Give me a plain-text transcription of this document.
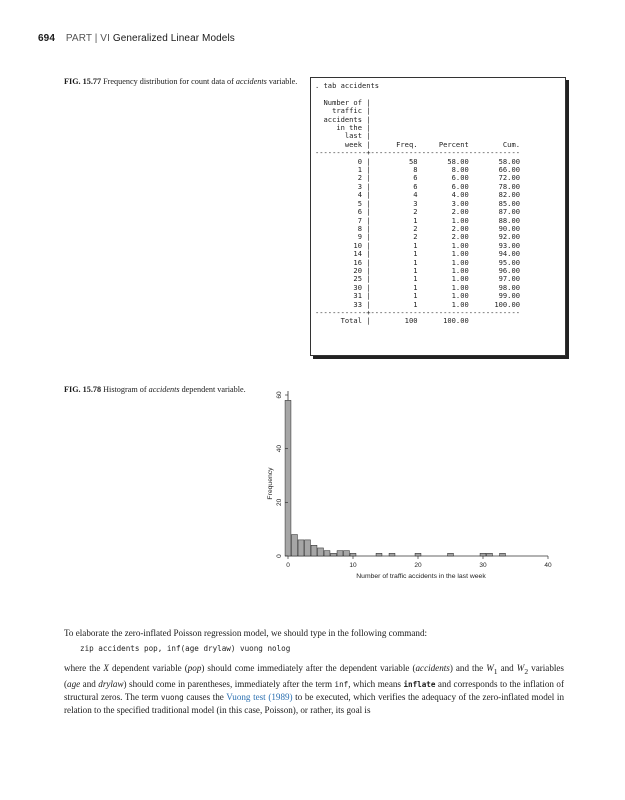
694 PART | VI Generalized Linear Models
FIG. 15.77 Frequency distribution for count data of accidents variable.	. tab accidents

Number of |
traffic |
accidents |
in the |
last |
week |      Freq.     Percent        Cum.
------------+-----------------------------------
0 |         58       58.00       58.00
1 |          8        8.00       66.00
2 |          6        6.00       72.00
3 |          6        6.00       78.00
4 |          4        4.00       82.00
5 |          3        3.00       85.00
6 |          2        2.00       87.00
7 |          1        1.00       88.00
8 |          2        2.00       90.00
9 |          2        2.00       92.00
10 |          1        1.00       93.00
14 |          1        1.00       94.00
16 |          1        1.00       95.00
20 |          1        1.00       96.00
25 |          1        1.00       97.00
30 |          1        1.00       98.00
31 |          1        1.00       99.00
33 |          1        1.00      100.00
------------+-----------------------------------
Total |        100      100.00
FIG. 15.78 Histogram of accidents dependent variable.
0	10	20	30	40
0
20
40
60
Number of traffic accidents in the last week
Frequency
To elaborate the zero-inflated Poisson regression model, we should type in the following command:
zip accidents pop, inf(age drylaw) vuong nolog
where the X dependent variable (pop) should come immediately after the dependent variable (accidents) and the $W_1$ and $W_2$ variables (age and drylaw) should come in parentheses, immediately after the term inf, which means inflate and corresponds to the inflation of structural zeros. The term vuong causes the Vuong test (1989) to be executed, which verifies the adequacy of the zero-inflated model in relation to the specified traditional model (in this case, Poisson), or rather, its goal is
